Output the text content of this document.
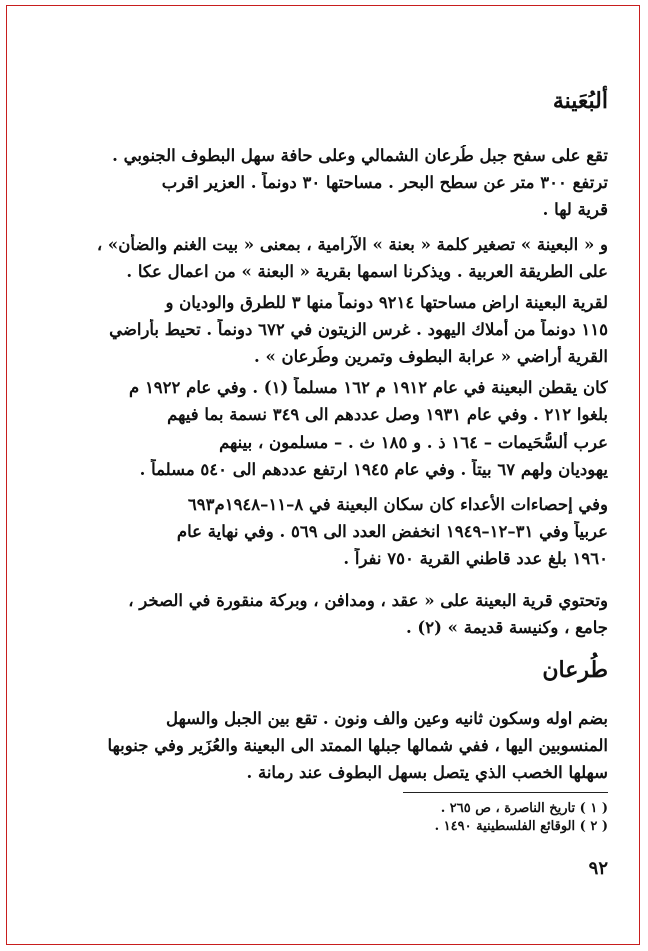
ألبُعَينة
تقع على سفح جبل طُرعان الشمالي وعلى حافة سهل البطوف الجنوبي .
ترتفع ٣٠٠ متر عن سطح البحر . مساحتها ٣٠ دونماً . العزير اقرب
قرية لها .
و « البعينة » تصغير كلمة « بعنة » الآرامية ، بمعنى « بيت الغنم والضأن» ،
على الطريقة العربية . ويذكرنا اسمها بقرية « البعنة » من اعمال عكا .
لقرية البعينة اراض مساحتها ٩٢١٤ دونماً منها ٣ للطرق والوديان و
١١٥ دونماً من أملاك اليهود . غرس الزيتون في ٦٧٢ دونماً . تحيط بأراضي
القرية أراضي « عرابة البطوف وتمرين وطُرعان » .
كان يقطن البعينة في عام ١٩١٢ م ١٦٢ مسلماً (١) . وفي عام ١٩٢٢ م
بلغوا ٢١٢ . وفي عام ١٩٣١ وصل عددهم الى ٣٤٩ نسمة بما فيهم
عرب ألسُّحَيمات – ١٦٤ ذ . و ١٨٥ ث . – مسلمون ، بينهم
يهوديان ولهم ٦٧ بيتاً . وفي عام ١٩٤٥ ارتفع عددهم الى ٥٤٠ مسلماً .
وفي إحصاءات الأعداء كان سكان البعينة في ٨–١١–١٩٤٨م٦٩٣
عربياً وفي ٣١–١٢–١٩٤٩ انخفض العدد الى ٥٦٩ . وفي نهاية عام
١٩٦٠ بلغ عدد قاطني القرية ٧٥٠ نفراً .
وتحتوي قرية البعينة على « عقد ، ومدافن ، وبركة منقورة في الصخر ،
جامع ، وكنيسة قديمة » (٢) .
طُرعان
بضم اوله وسكون ثانيه وعين والف ونون . تقع بين الجبل والسهل
المنسوبين اليها ، ففي شمالها جبلها الممتد الى البعينة والعُزَير وفي جنوبها
سهلها الخصب الذي يتصل بسهل البطوف عند رمانة .
( ١ ) تاريخ الناصرة ، ص ٢٦٥ .
( ٢ ) الوقائع الفلسطينية ١٤٩٠ .
٩٢
